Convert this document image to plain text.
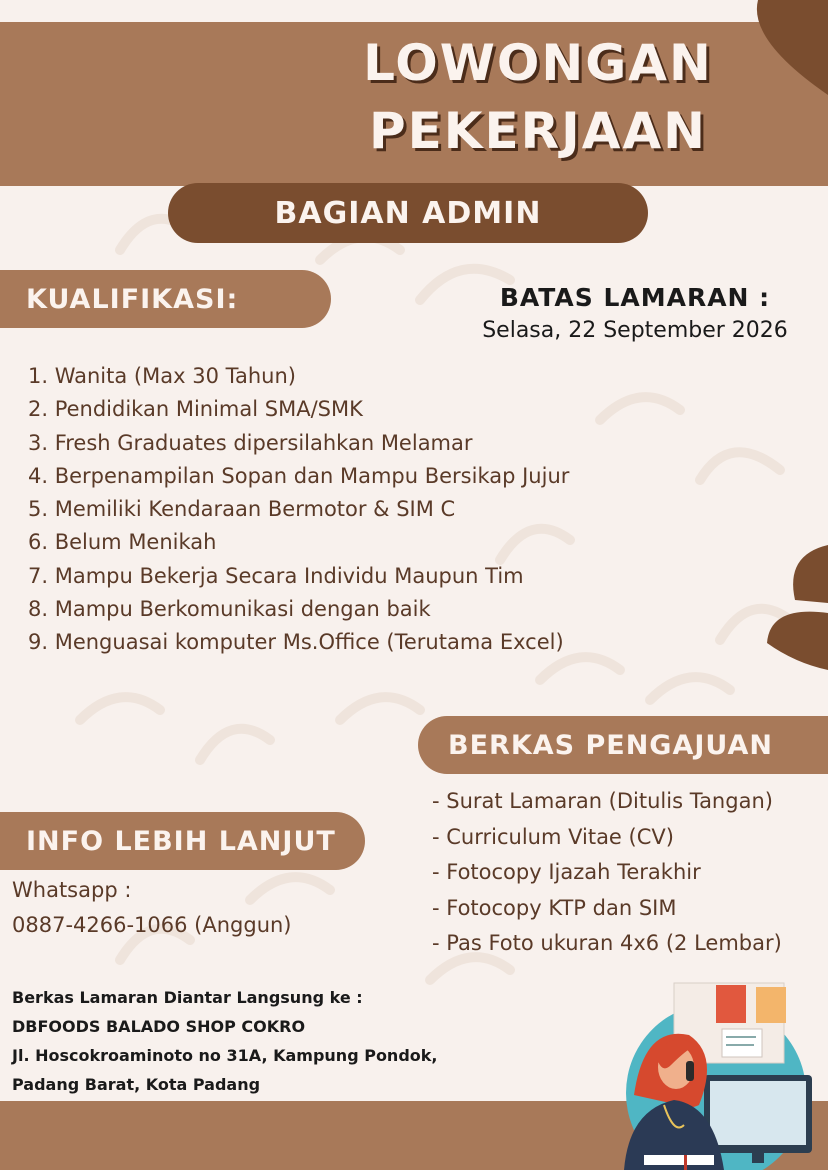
LOWONGAN
PEKERJAAN
BAGIAN ADMIN
KUALIFIKASI:	BATAS LAMARAN :
Selasa, 22 September 2026
1. Wanita (Max 30 Tahun)
2. Pendidikan Minimal SMA/SMK
3. Fresh Graduates dipersilahkan Melamar
4. Berpenampilan Sopan dan Mampu Bersikap Jujur
5. Memiliki Kendaraan Bermotor & SIM C
6. Belum Menikah
7. Mampu Bekerja Secara Individu Maupun Tim
8. Mampu Berkomunikasi dengan baik
9. Menguasai komputer Ms.Office (Terutama Excel)
BERKAS PENGAJUAN
- Surat Lamaran (Ditulis Tangan)
- Curriculum Vitae (CV)
- Fotocopy Ijazah Terakhir
- Fotocopy KTP dan SIM
- Pas Foto ukuran 4x6 (2 Lembar)
INFO LEBIH LANJUT
Whatsapp :
0887-4266-1066 (Anggun)
Berkas Lamaran Diantar Langsung ke :
DBFOODS BALADO SHOP COKRO
Jl. Hoscokroaminoto no 31A, Kampung Pondok,
Padang Barat, Kota Padang
